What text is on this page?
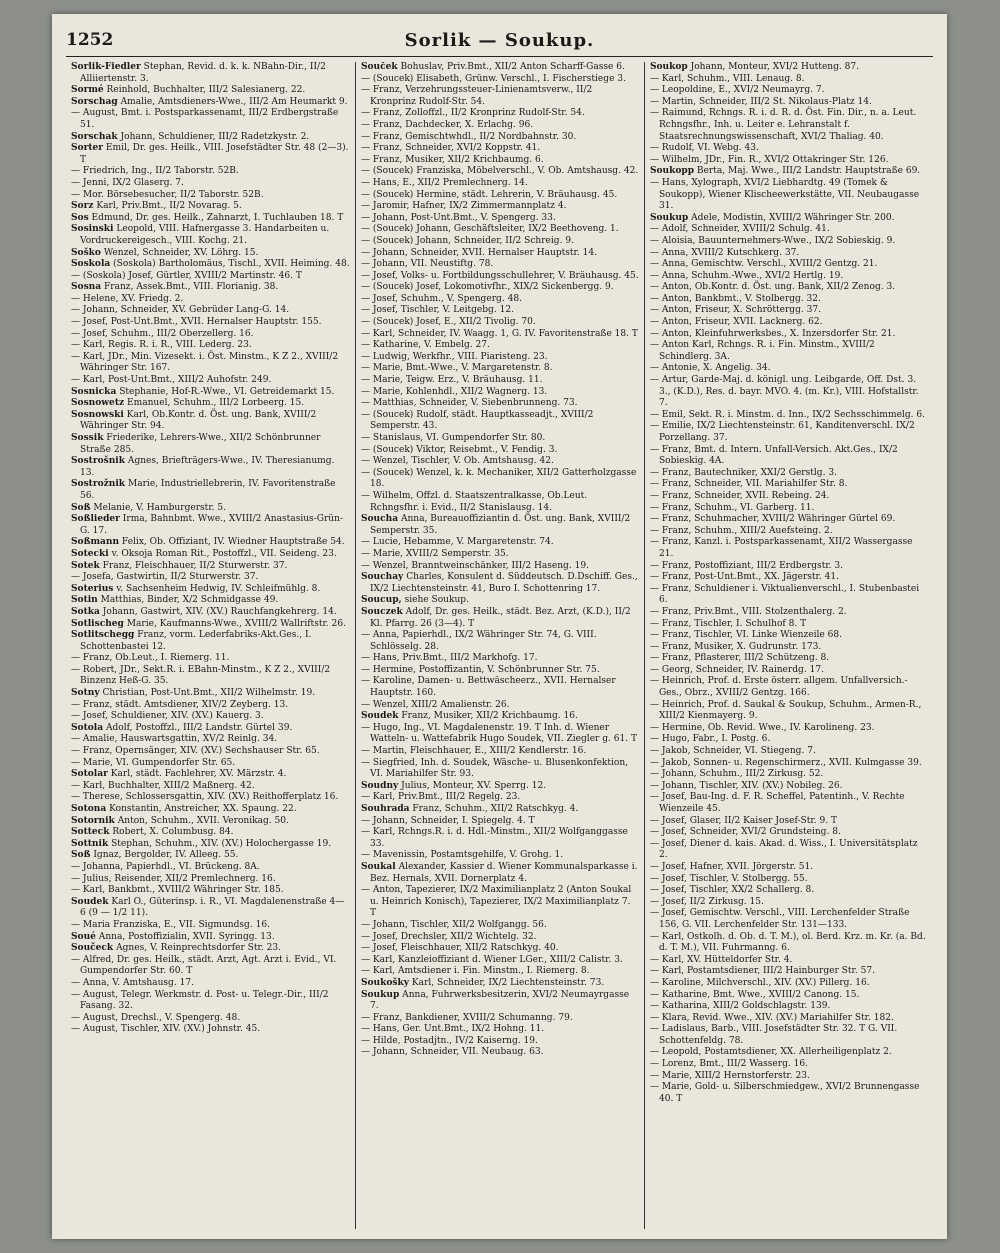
1252	Sorlik — Soukup.
Sorlik-Fiedler Stephan, Revid. d. k. k. NBahn-Dir., II/2 Alliiertenstr. 3.
Sormé Reinhold, Buchhalter, III/2 Salesianerg. 22.
Sorschag Amalie, Amtsdieners-Wwe., III/2 Am Heumarkt 9.
— August, Bmt. i. Postsparkassenamt, III/2 Erdbergstraße 51.
Sorschak Johann, Schuldiener, III/2 Radetzkystr. 2.
Sorter Emil, Dr. ges. Heilk., VIII. Josefstädter Str. 48 (2—3). T
— Friedrich, Ing., II/2 Taborstr. 52B.
— Jenni, IX/2 Glaserg. 7.
— Mor. Börsebesucher, II/2 Taborstr. 52B.
Sorz Karl, Priv.Bmt., II/2 Novarag. 5.
Sos Edmund, Dr. ges. Heilk., Zahnarzt, I. Tuchlauben 18. T
Sosinski Leopold, VIII. Hafnergasse 3. Handarbeiten u. Vordruckereigesch., VIII. Kochg. 21.
Soško Wenzel, Schneider, XV. Löhrg. 15.
Soskola (Soskola) Bartholomäus, Tischl., XVII. Heiming. 48.
— (Soskola) Josef, Gürtler, XVIII/2 Martinstr. 46. T
Sosna Franz, Assek.Bmt., VIII. Florianig. 38.
— Helene, XV. Friedg. 2.
— Johann, Schneider, XV. Gebrüder Lang-G. 14.
— Josef, Post-Unt.Bmt., XVII. Hernalser Hauptstr. 155.
— Josef, Schuhm., III/2 Oberzellerg. 16.
— Karl, Regis. R. i. R., VIII. Lederg. 23.
— Karl, JDr., Min. Vizesekt. i. Öst. Minstm., K Z 2., XVIII/2 Währinger Str. 167.
— Karl, Post-Unt.Bmt., XIII/2 Auhofstr. 249.
Sosnicka Stephanie, Hof-R.-Wwe., VI. Getreidemarkt 15.
Sosnowetz Emanuel, Schuhm., III/2 Lorbeerg. 15.
Sosnowski Karl, Ob.Kontr. d. Öst. ung. Bank, XVIII/2 Währinger Str. 94.
Sossik Friederike, Lehrers-Wwe., XII/2 Schönbrunner Straße 285.
Sostrošnik Agnes, Briefträgers-Wwe., IV. Theresianumg. 13.
Sostrožnik Marie, Industriellebrerin, IV. Favoritenstraße 56.
Soß Melanie, V. Hamburgerstr. 5.
Soßlieder Irma, Bahnbmt. Wwe., XVIII/2 Anastasius-Grün-G. 17.
Soßmann Felix, Ob. Offiziant, IV. Wiedner Hauptstraße 54.
Sotecki v. Oksoja Roman Rit., Postoffzl., VII. Seideng. 23.
Sotek Franz, Fleischhauer, II/2 Sturwerstr. 37.
— Josefa, Gastwirtin, II/2 Sturwerstr. 37.
Soterius v. Sachsenheim Hedwig, IV. Schleifmühlg. 8.
Sotin Matthias, Binder, X/2 Schmidgasse 49.
Sotka Johann, Gastwirt, XIV. (XV.) Rauchfangkehrerg. 14.
Sotlischeg Marie, Kaufmanns-Wwe., XVIII/2 Wallriftstr. 26.
Sotlitschegg Franz, vorm. Lederfabriks-Akt.Ges., I. Schottenbastei 12.
— Franz, Ob.Leut., I. Riemerg. 11.
— Robert, JDr., Sekt.R. i. EBahn-Minstm., K Z 2., XVIII/2 Binzenz Heß-G. 35.
Sotny Christian, Post-Unt.Bmt., XII/2 Wilhelmstr. 19.
— Franz, städt. Amtsdiener, XIV/2 Zeyberg. 13.
— Josef, Schuldiener, XIV. (XV.) Kauerg. 3.
Sotola Adolf, Postoffzl., III/2 Landstr. Gürtel 39.
— Amalie, Hauswartsgattin, XV/2 Reinlg. 34.
— Franz, Opernsänger, XIV. (XV.) Sechshauser Str. 65.
— Marie, VI. Gumpendorfer Str. 65.
Sotolar Karl, städt. Fachlehrer, XV. Märzstr. 4.
— Karl, Buchhalter, XIII/2 Maßnerg. 42.
— Therese, Schlossersgattin, XIV. (XV.) Reithofferplatz 16.
Sotona Konstantin, Anstreicher, XX. Spaung. 22.
Sotornik Anton, Schuhm., XVII. Veronikag. 50.
Sotteck Robert, X. Columbusg. 84.
Sottnik Stephan, Schuhm., XIV. (XV.) Holochergasse 19.
Soß Ignaz, Bergolder, IV. Alleeg. 55.
— Johanna, Papierhdl., VI. Brückeng. 8A.
— Julius, Reisender, XII/2 Premlechnerg. 16.
— Karl, Bankbmt., XVIII/2 Währinger Str. 185.
Soudek Karl O., Güterinsp. i. R., VI. Magdalenenstraße 4—6 (9 — 1/2 11).
— Maria Franziska, E., VII. Sigmundsg. 16.
Soué Anna, Postoffizialin, XVII. Syringg. 13.
Součeck Agnes, V. Reinprechtsdorfer Str. 23.
— Alfred, Dr. ges. Heilk., städt. Arzt, Agt. Arzt i. Evid., VI. Gumpendorfer Str. 60. T
— Anna, V. Amtshausg. 17.
— August, Telegr. Werkmstr. d. Post- u. Telegr.-Dir., III/2 Fasang. 32.
— August, Drechsl., V. Spengerg. 48.
— August, Tischler, XIV. (XV.) Johnstr. 45.
Souček Bohuslav, Priv.Bmt., XII/2 Anton Scharff-Gasse 6.
— (Soucek) Elisabeth, Grünw. Verschl., I. Fischerstiege 3.
— Franz, Verzehrungssteuer-Linienamtsverw., II/2 Kronprinz Rudolf-Str. 54.
— Franz, Zolloffzl., II/2 Kronprinz Rudolf-Str. 54.
— Franz, Dachdecker, X. Erlachg. 96.
— Franz, Gemischtwhdl., II/2 Nordbahnstr. 30.
— Franz, Schneider, XVI/2 Koppstr. 41.
— Franz, Musiker, XII/2 Krichbaumg. 6.
— (Soucek) Franziska, Möbelverschl., V. Ob. Amtshausg. 42.
— Hans, E., XII/2 Premlechnerg. 14.
— (Soucek) Hermine, städt. Lehrerin, V. Bräuhausg. 45.
— Jaromir, Hafner, IX/2 Zimmermannplatz 4.
— Johann, Post-Unt.Bmt., V. Spengerg. 33.
— (Soucek) Johann, Geschäftsleiter, IX/2 Beethoveng. 1.
— (Soucek) Johann, Schneider, II/2 Schreig. 9.
— Johann, Schneider, XVII. Hernalser Hauptstr. 14.
— Johann, VII. Neustiftg. 78.
— Josef, Volks- u. Fortbildungsschullehrer, V. Bräuhausg. 45.
— (Soucek) Josef, Lokomotivfhr., XIX/2 Sickenbergg. 9.
— Josef, Schuhm., V. Spengerg. 48.
— Josef, Tischler, V. Leitgebg. 12.
— (Soucek) Josef, E., XII/2 Tivolig. 70.
— Karl, Schneider, IV. Waagg. 1, G. IV. Favoritenstraße 18. T
— Katharine, V. Embelg. 27.
— Ludwig, Werkfhr., VIII. Piaristeng. 23.
— Marie, Bmt.-Wwe., V. Margaretenstr. 8.
— Marie, Teigw. Erz., V. Bräuhausg. 11.
— Marie, Kohlenhdl., XII/2 Wagnerg. 13.
— Matthias, Schneider, V. Siebenbrunneng. 73.
— (Soucek) Rudolf, städt. Hauptkasseadjt., XVIII/2 Semperstr. 43.
— Stanislaus, VI. Gumpendorfer Str. 80.
— (Soucek) Viktor, Reisebmt., V. Fendig. 3.
— Wenzel, Tischler, V. Ob. Amtshausg. 42.
— (Soucek) Wenzel, k. k. Mechaniker, XII/2 Gatterholzgasse 18.
— Wilhelm, Offzl. d. Staatszentralkasse, Ob.Leut. Rchngsfhr. i. Evid., II/2 Stanislausg. 14.
Soucha Anna, Bureauoffiziantin d. Öst. ung. Bank, XVIII/2 Semperstr. 35.
— Lucie, Hebamme, V. Margaretenstr. 74.
— Marie, XVIII/2 Semperstr. 35.
— Wenzel, Branntweinschänker, III/2 Haseng. 19.
Souchay Charles, Konsulent d. Süddeutsch. D.Dschiff. Ges., IX/2 Liechtensteinstr. 41, Buro I. Schottenring 17.
Soucup, siehe Soukup.
Souczek Adolf, Dr. ges. Heilk., städt. Bez. Arzt, (K.D.), II/2 Kl. Pfarrg. 26 (3—4). T
— Anna, Papierhdl., IX/2 Währinger Str. 74, G. VIII. Schlösselg. 28.
— Hans, Priv.Bmt., III/2 Markhofg. 17.
— Hermine, Postoffizantin, V. Schönbrunner Str. 75.
— Karoline, Damen- u. Bettwäscheerz., XVII. Hernalser Hauptstr. 160.
— Wenzel, XIII/2 Amalienstr. 26.
Soudek Franz, Musiker, XII/2 Krichbaumg. 16.
— Hugo, Ing., VI. Magdalenenstr. 19. T Inh. d. Wiener Watteln- u. Wattefabrik Hugo Soudek, VII. Ziegler g. 61. T
— Martin, Fleischhauer, E., XIII/2 Kendlerstr. 16.
— Siegfried, Inh. d. Soudek, Wäsche- u. Blusenkonfektion, VI. Mariahilfer Str. 93.
Soudny Julius, Monteur, XV. Sperrg. 12.
— Karl, Priv.Bmt., III/2 Regelg. 23.
Souhrada Franz, Schuhm., XII/2 Ratschkyg. 4.
— Johann, Schneider, I. Spiegelg. 4. T
— Karl, Rchngs.R. i. d. Hdl.-Minstm., XII/2 Wolfganggasse 33.
— Mavenissin, Postamtsgehilfe, V. Grohg. 1.
Soukal Alexander, Kassier d. Wiener Kommunalsparkasse i. Bez. Hernals, XVII. Dornerplatz 4.
— Anton, Tapezierer, IX/2 Maximilianplatz 2 (Anton Soukal u. Heinrich Konisch), Tapezierer, IX/2 Maximilianplatz 7. T
— Johann, Tischler, XII/2 Wolfgangg. 56.
— Josef, Drechsler, XII/2 Wichtelg. 32.
— Josef, Fleischhauer, XII/2 Ratschkyg. 40.
— Karl, Kanzleioffiziant d. Wiener LGer., XIII/2 Calistr. 3.
— Karl, Amtsdiener i. Fin. Minstm., I. Riemerg. 8.
Soukošky Karl, Schneider, IX/2 Liechtensteinstr. 73.
Soukup Anna, Fuhrwerksbesitzerin, XVI/2 Neumayrgasse 7.
— Franz, Bankdiener, XVIII/2 Schumanng. 79.
— Hans, Ger. Unt.Bmt., IX/2 Hohng. 11.
— Hilde, Postadjtn., IV/2 Kaiserng. 19.
— Johann, Schneider, VII. Neubaug. 63.
Soukop Johann, Monteur, XVI/2 Hutteng. 87.
— Karl, Schuhm., VIII. Lenaug. 8.
— Leopoldine, E., XVI/2 Neumayrg. 7.
— Martin, Schneider, III/2 St. Nikolaus-Platz 14.
— Raimund, Rchngs. R. i. d. R. d. Öst. Fin. Dir., n. a. Leut. Rchngsfhr., Inh. u. Leiter e. Lehranstalt f. Staatsrechnungswissenschaft, XVI/2 Thaliag. 40.
— Rudolf, VI. Webg. 43.
— Wilhelm, JDr., Fin. R., XVI/2 Ottakringer Str. 126.
Soukopp Berta, Maj. Wwe., III/2 Landstr. Hauptstraße 69.
— Hans, Xylograph, XVI/2 Liebhardtg. 49 (Tomek & Soukopp), Wiener Klischeewerkstätte, VII. Neubaugasse 31.
Soukup Adele, Modistin, XVIII/2 Währinger Str. 200.
— Adolf, Schneider, XVIII/2 Schulg. 41.
— Aloisia, Bauunternehmers-Wwe., IX/2 Sobieskig. 9.
— Anna, XVIII/2 Kutschkerg. 37.
— Anna, Gemischtw. Verschl., XVIII/2 Gentzg. 21.
— Anna, Schuhm.-Wwe., XVI/2 Hertlg. 19.
— Anton, Ob.Kontr. d. Öst. ung. Bank, XII/2 Zenog. 3.
— Anton, Bankbmt., V. Stolbergg. 32.
— Anton, Friseur, X. Schröttergg. 37.
— Anton, Friseur, XVII. Lacknerg. 62.
— Anton, Kleinfuhrwerksbes., X. Inzersdorfer Str. 21.
— Anton Karl, Rchngs. R. i. Fin. Minstm., XVIII/2 Schindlerg. 3A.
— Antonie, X. Angelig. 34.
— Artur, Garde-Maj. d. königl. ung. Leibgarde, Off. Dst. 3. 3., (K.D.), Res. d. bayr. MVO. 4. (m. Kr.), VIII. Hofstallstr. 7.
— Emil, Sekt. R. i. Minstm. d. Inn., IX/2 Sechsschimmelg. 6.
— Emilie, IX/2 Liechtensteinstr. 61, Kanditenverschl. IX/2 Porzellang. 37.
— Franz, Bmt. d. Intern. Unfall-Versich. Akt.Ges., IX/2 Sobieskig. 4A.
— Franz, Bautechniker, XXI/2 Gerstlg. 3.
— Franz, Schneider, VII. Mariahilfer Str. 8.
— Franz, Schneider, XVII. Rebeing. 24.
— Franz, Schuhm., VI. Garberg. 11.
— Franz, Schuhmacher, XVIII/2 Währinger Gürtel 69.
— Franz, Schuhm., XIII/2 Auefsteing. 2.
— Franz, Kanzl. i. Postsparkassenamt, XII/2 Wassergasse 21.
— Franz, Postoffiziant, III/2 Erdbergstr. 3.
— Franz, Post-Unt.Bmt., XX. Jägerstr. 41.
— Franz, Schuldiener i. Viktualienverschl., I. Stubenbastei 6.
— Franz, Priv.Bmt., VIII. Stolzenthalerg. 2.
— Franz, Tischler, I. Schulhof 8. T
— Franz, Tischler, VI. Linke Wienzeile 68.
— Franz, Musiker, X. Gudrunstr. 173.
— Franz, Pflasterer, III/2 Schützeng. 8.
— Georg, Schneider, IV. Rainerdg. 17.
— Heinrich, Prof. d. Erste österr. allgem. Unfallversich.-Ges., Obrz., XVIII/2 Gentzg. 166.
— Heinrich, Prof. d. Saukal & Soukup, Schuhm., Armen-R., XIII/2 Kienmayerg. 9.
— Hermine, Ob. Revid. Wwe., IV. Karolineng. 23.
— Hugo, Fabr., I. Postg. 6.
— Jakob, Schneider, VI. Stiegeng. 7.
— Jakob, Sonnen- u. Regenschirmerz., XVII. Kulmgasse 39.
— Johann, Schuhm., III/2 Zirkusg. 52.
— Johann, Tischler, XIV. (XV.) Nobileg. 26.
— Josef, Bau-Ing. d. F. R. Scheffel, Patentinh., V. Rechte Wienzeile 45.
— Josef, Glaser, II/2 Kaiser Josef-Str. 9. T
— Josef, Schneider, XVI/2 Grundsteing. 8.
— Josef, Diener d. kais. Akad. d. Wiss., I. Universitätsplatz 2.
— Josef, Hafner, XVII. Jörgerstr. 51.
— Josef, Tischler, V. Stolbergg. 55.
— Josef, Tischler, XX/2 Schallerg. 8.
— Josef, II/2 Zirkusg. 15.
— Josef, Gemischtw. Verschl., VIII. Lerchenfelder Straße 156, G. VII. Lerchenfelder Str. 131—133.
— Karl, Ostkolh. d. Ob. d. T. M.), ol. Berd. Krz. m. Kr. (a. Bd. d. T. M.), VII. Fuhrmanng. 6.
— Karl, XV. Hütteldorfer Str. 4.
— Karl, Postamtsdiener, III/2 Hainburger Str. 57.
— Karoline, Milchverschl., XIV. (XV.) Pillerg. 16.
— Katharine, Bmt. Wwe., XVIII/2 Canong. 15.
— Katharina, XIII/2 Goldschlagstr. 139.
— Klara, Revid. Wwe., XIV. (XV.) Mariahilfer Str. 182.
— Ladislaus, Barb., VIII. Josefstädter Str. 32. T G. VII. Schottenfeldg. 78.
— Leopold, Postamtsdiener, XX. Allerheiligenplatz 2.
— Lorenz, Bmt., III/2 Wasserg. 16.
— Marie, XIII/2 Hernstorferstr. 23.
— Marie, Gold- u. Silberschmiedgew., XVI/2 Brunnengasse 40. T
